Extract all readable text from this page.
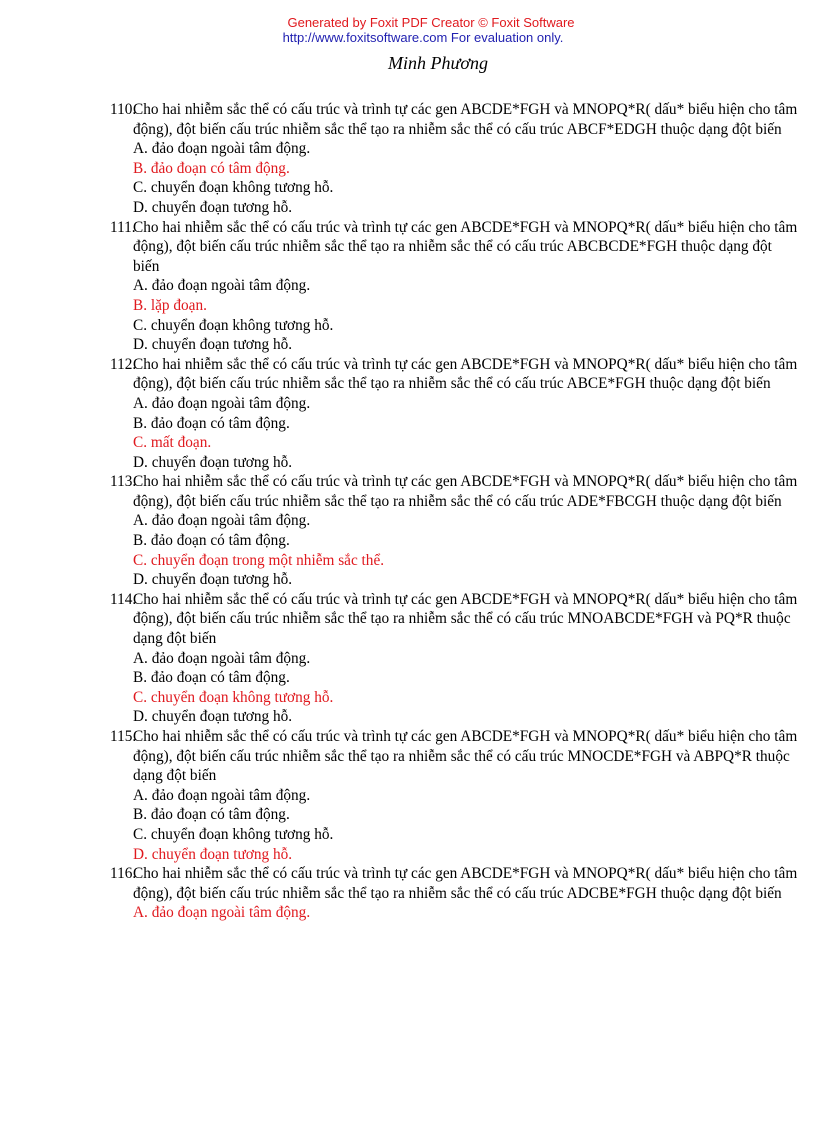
Generated by Foxit PDF Creator © Foxit Software
http://www.foxitsoftware.com For evaluation only.
Minh Phương
110.Cho hai nhiễm sắc thể có cấu trúc và trình tự các gen ABCDE*FGH và MNOPQ*R( dấu* biểu hiện cho tâm động), đột biến cấu trúc nhiễm sắc thể tạo ra nhiễm sắc thể có cấu trúc ABCF*EDGH thuộc dạng đột biến
A. đảo đoạn ngoài tâm động.
B. đảo đoạn có tâm động.
C. chuyển đoạn không tương hỗ.
D. chuyển đoạn tương hỗ.
111.Cho hai nhiễm sắc thể có cấu trúc và trình tự các gen ABCDE*FGH và MNOPQ*R( dấu* biểu hiện cho tâm động), đột biến cấu trúc nhiễm sắc thể tạo ra nhiễm sắc thể có cấu trúc ABCBCDE*FGH thuộc dạng đột biến
A. đảo đoạn ngoài tâm động.
B. lặp đoạn.
C. chuyển đoạn không tương hỗ.
D. chuyển đoạn tương hỗ.
112.Cho hai nhiễm sắc thể có cấu trúc và trình tự các gen ABCDE*FGH và MNOPQ*R( dấu* biểu hiện cho tâm động), đột biến cấu trúc nhiễm sắc thể tạo ra nhiễm sắc thể có cấu trúc ABCE*FGH thuộc dạng đột biến
A. đảo đoạn ngoài tâm động.
B. đảo đoạn có tâm động.
C. mất đoạn.
D. chuyển đoạn tương hỗ.
113.Cho hai nhiễm sắc thể có cấu trúc và trình tự các gen ABCDE*FGH và MNOPQ*R( dấu* biểu hiện cho tâm động), đột biến cấu trúc nhiễm sắc thể tạo ra nhiễm sắc thể có cấu trúc ADE*FBCGH thuộc dạng đột biến
A. đảo đoạn ngoài tâm động.
B. đảo đoạn có tâm động.
C. chuyển đoạn trong một nhiễm sắc thể.
D. chuyển đoạn tương hỗ.
114.Cho hai nhiễm sắc thể có cấu trúc và trình tự các gen ABCDE*FGH và MNOPQ*R( dấu* biểu hiện cho tâm động), đột biến cấu trúc nhiễm sắc thể tạo ra nhiễm sắc thể có cấu trúc MNOABCDE*FGH và PQ*R thuộc dạng đột biến
A. đảo đoạn ngoài tâm động.
B. đảo đoạn có tâm động.
C. chuyển đoạn không tương hỗ.
D. chuyển đoạn tương hỗ.
115.Cho hai nhiễm sắc thể có cấu trúc và trình tự các gen ABCDE*FGH và MNOPQ*R( dấu* biểu hiện cho tâm động), đột biến cấu trúc nhiễm sắc thể tạo ra nhiễm sắc thể có cấu trúc MNOCDE*FGH và ABPQ*R thuộc dạng đột biến
A. đảo đoạn ngoài tâm động.
B. đảo đoạn có tâm động.
C. chuyển đoạn không tương hỗ.
D. chuyển đoạn tương hỗ.
116.Cho hai nhiễm sắc thể có cấu trúc và trình tự các gen ABCDE*FGH và MNOPQ*R( dấu* biểu hiện cho tâm động), đột biến cấu trúc nhiễm sắc thể tạo ra nhiễm sắc thể có cấu trúc ADCBE*FGH thuộc dạng đột biến
A. đảo đoạn ngoài tâm động.
